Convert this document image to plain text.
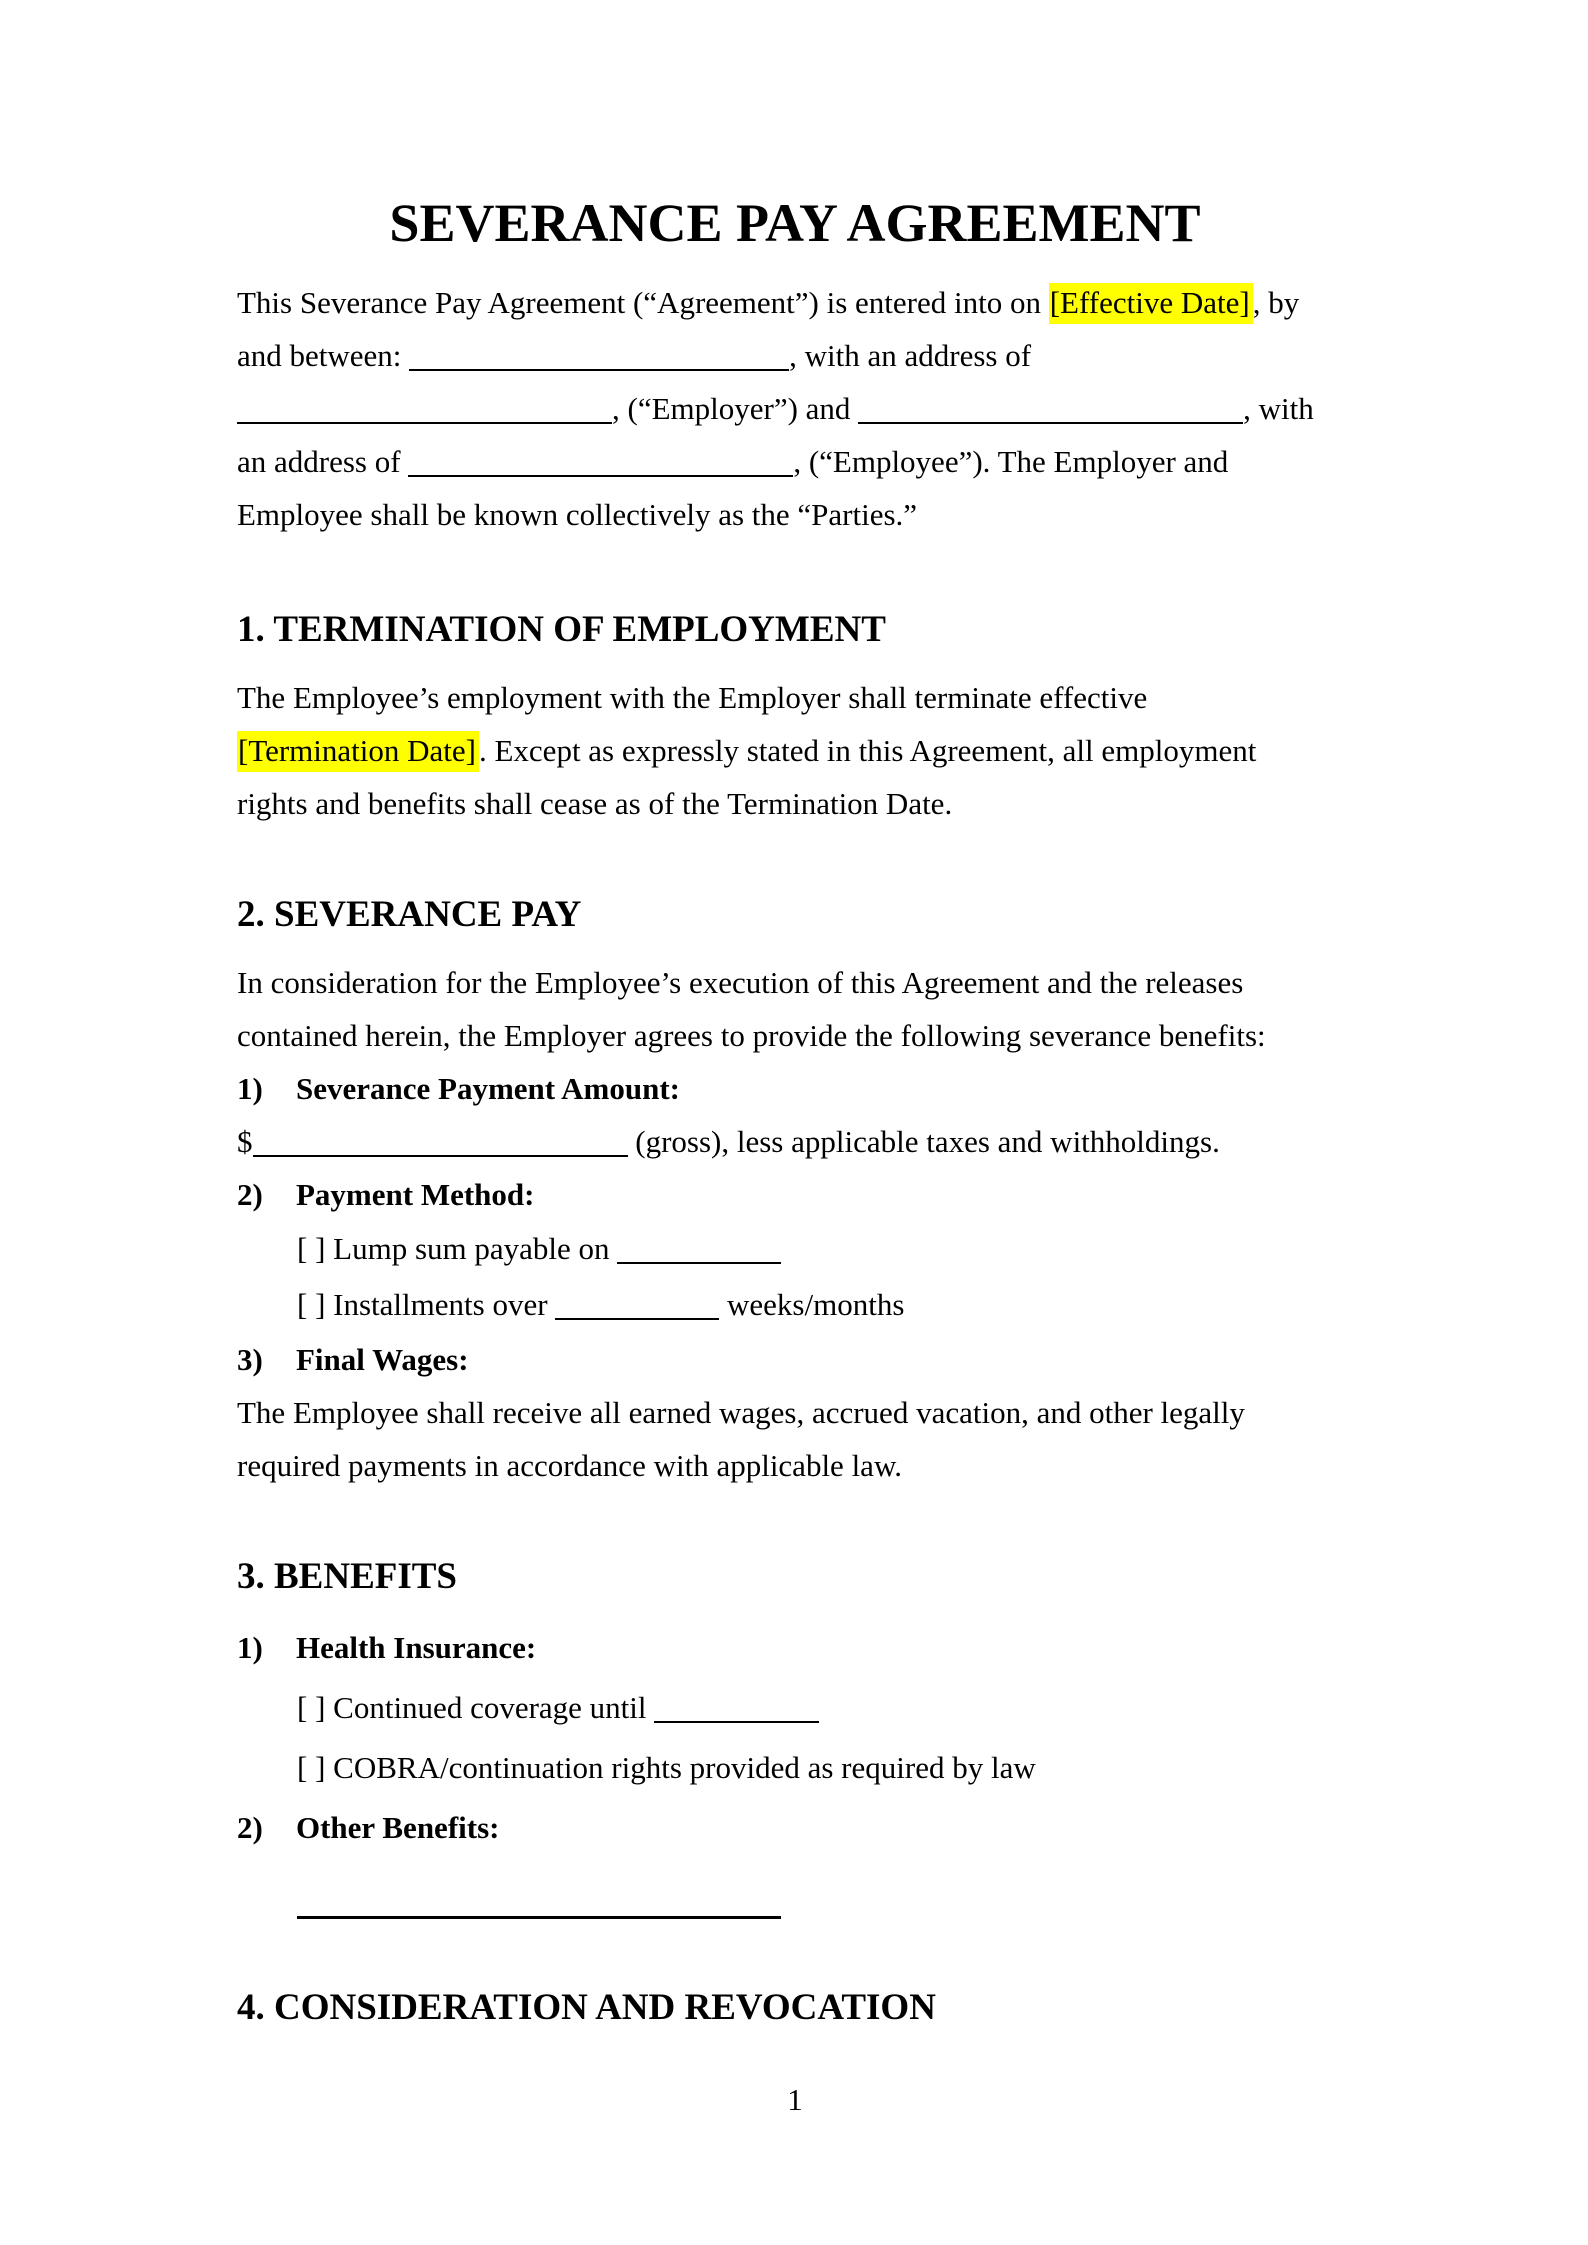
SEVERANCE PAY AGREEMENT
This Severance Pay Agreement (“Agreement”) is entered into on [Effective Date], by
and between:	, with an address of
, (“Employer”) and	, with
an address of	, (“Employee”). The Employer and
Employee shall be known collectively as the “Parties.”
1. TERMINATION OF EMPLOYMENT
The Employee’s employment with the Employer shall terminate effective
[Termination Date]. Except as expressly stated in this Agreement, all employment
rights and benefits shall cease as of the Termination Date.
2. SEVERANCE PAY
In consideration for the Employee’s execution of this Agreement and the releases
contained herein, the Employer agrees to provide the following severance benefits:
1) Severance Payment Amount:
$	(gross), less applicable taxes and withholdings.
2) Payment Method:
[ ] Lump sum payable on
[ ] Installments over	weeks/months
3) Final Wages:
The Employee shall receive all earned wages, accrued vacation, and other legally
required payments in accordance with applicable law.
3. BENEFITS
1) Health Insurance:
[ ] Continued coverage until
[ ] COBRA/continuation rights provided as required by law
2) Other Benefits:
4. CONSIDERATION AND REVOCATION
1
